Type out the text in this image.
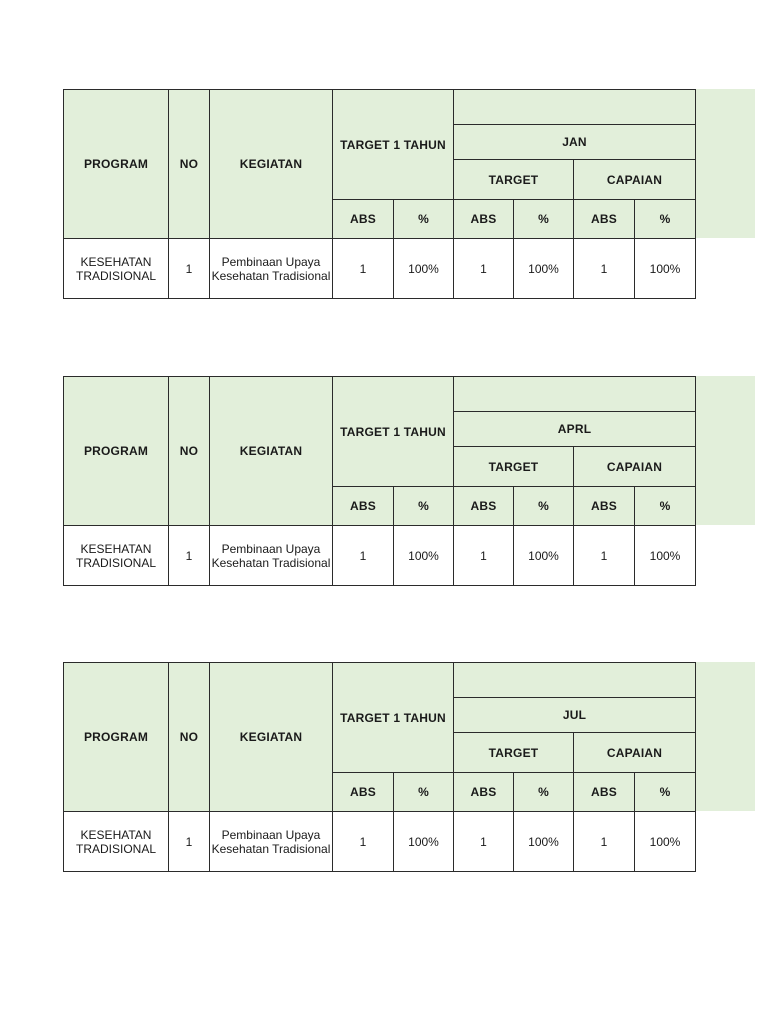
PROGRAM	NO	KEGIATAN	TARGET 1 TAHUN					
					JAN			
					TARGET		CAPAIAN	
			ABS	%	ABS	%	ABS	%
KESEHATAN TRADISIONAL	1	Pembinaan Upaya Kesehatan Tradisional	1	100%	1	100%	1	100%
PROGRAM	NO	KEGIATAN	TARGET 1 TAHUN					
					APRL			
					TARGET		CAPAIAN	
			ABS	%	ABS	%	ABS	%
KESEHATAN TRADISIONAL	1	Pembinaan Upaya Kesehatan Tradisional	1	100%	1	100%	1	100%
PROGRAM	NO	KEGIATAN	TARGET 1 TAHUN					
					JUL			
					TARGET		CAPAIAN	
			ABS	%	ABS	%	ABS	%
KESEHATAN TRADISIONAL	1	Pembinaan Upaya Kesehatan Tradisional	1	100%	1	100%	1	100%
